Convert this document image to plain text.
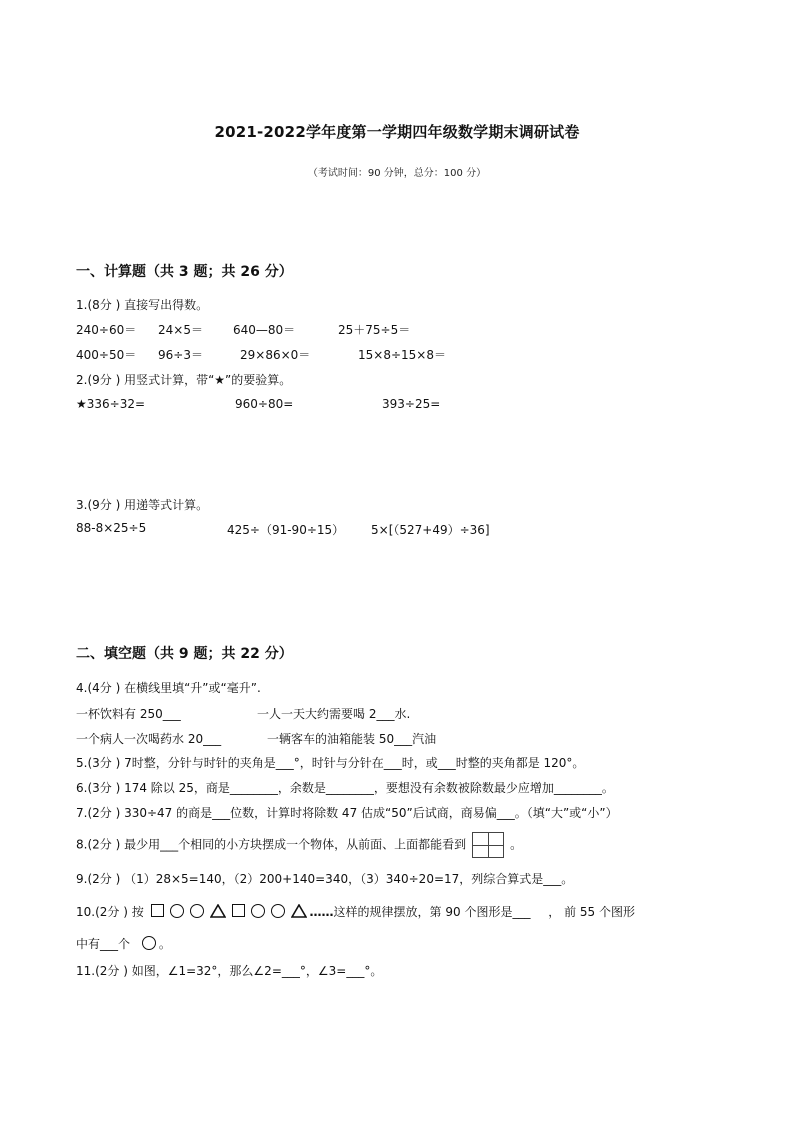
2021-2022学年度第一学期四年级数学期末调研试卷
（考试时间：90 分钟，总分：100 分）
一、计算题（共 3 题；共 26 分）
1.(8分 ) 直接写出得数。
240÷60＝ 24×5＝	640—80＝	25＋75÷5＝
400÷50＝ 96÷3＝	29×86×0＝	15×8÷15×8＝
2.(9分 ) 用竖式计算，带“★”的要验算。
★336÷32=	960÷80=	393÷25=
3.(9分 ) 用递等式计算。
88-8×25÷5	425÷（91-90÷15） 5×[（527+49）÷36]
二、填空题（共 9 题；共 22 分）
4.(4分 ) 在横线里填“升”或“毫升”.
一杯饮料有 250___	一人一天大约需要喝 2___水.
一个病人一次喝药水 20___	一辆客车的油箱能装 50___汽油
5.(3分 ) 7时整，分针与时针的夹角是___°，时针与分针在___时，或___时整的夹角都是 120°。
6.(3分 ) 174 除以 25，商是________，余数是________，要想没有余数被除数最少应增加________。
7.(2分 ) 330÷47 的商是___位数，计算时将除数 47 估成“50”后试商，商易偏___。（填“大”或“小”）
8.(2分 ) 最少用___个相同的小方块摆成一个物体，从前面、上面都能看到	。
9.(2分 ) （1）28×5=140，（2）200+140=340，（3）340÷20=17，列综合算式是___。
10.(2分 ) 按	……这样的规律摆放，第 90 个图形是___ ， 前 55 个图形
中有___个 。
11.(2分 ) 如图，∠1=32°，那么∠2=___°，∠3=___°。
